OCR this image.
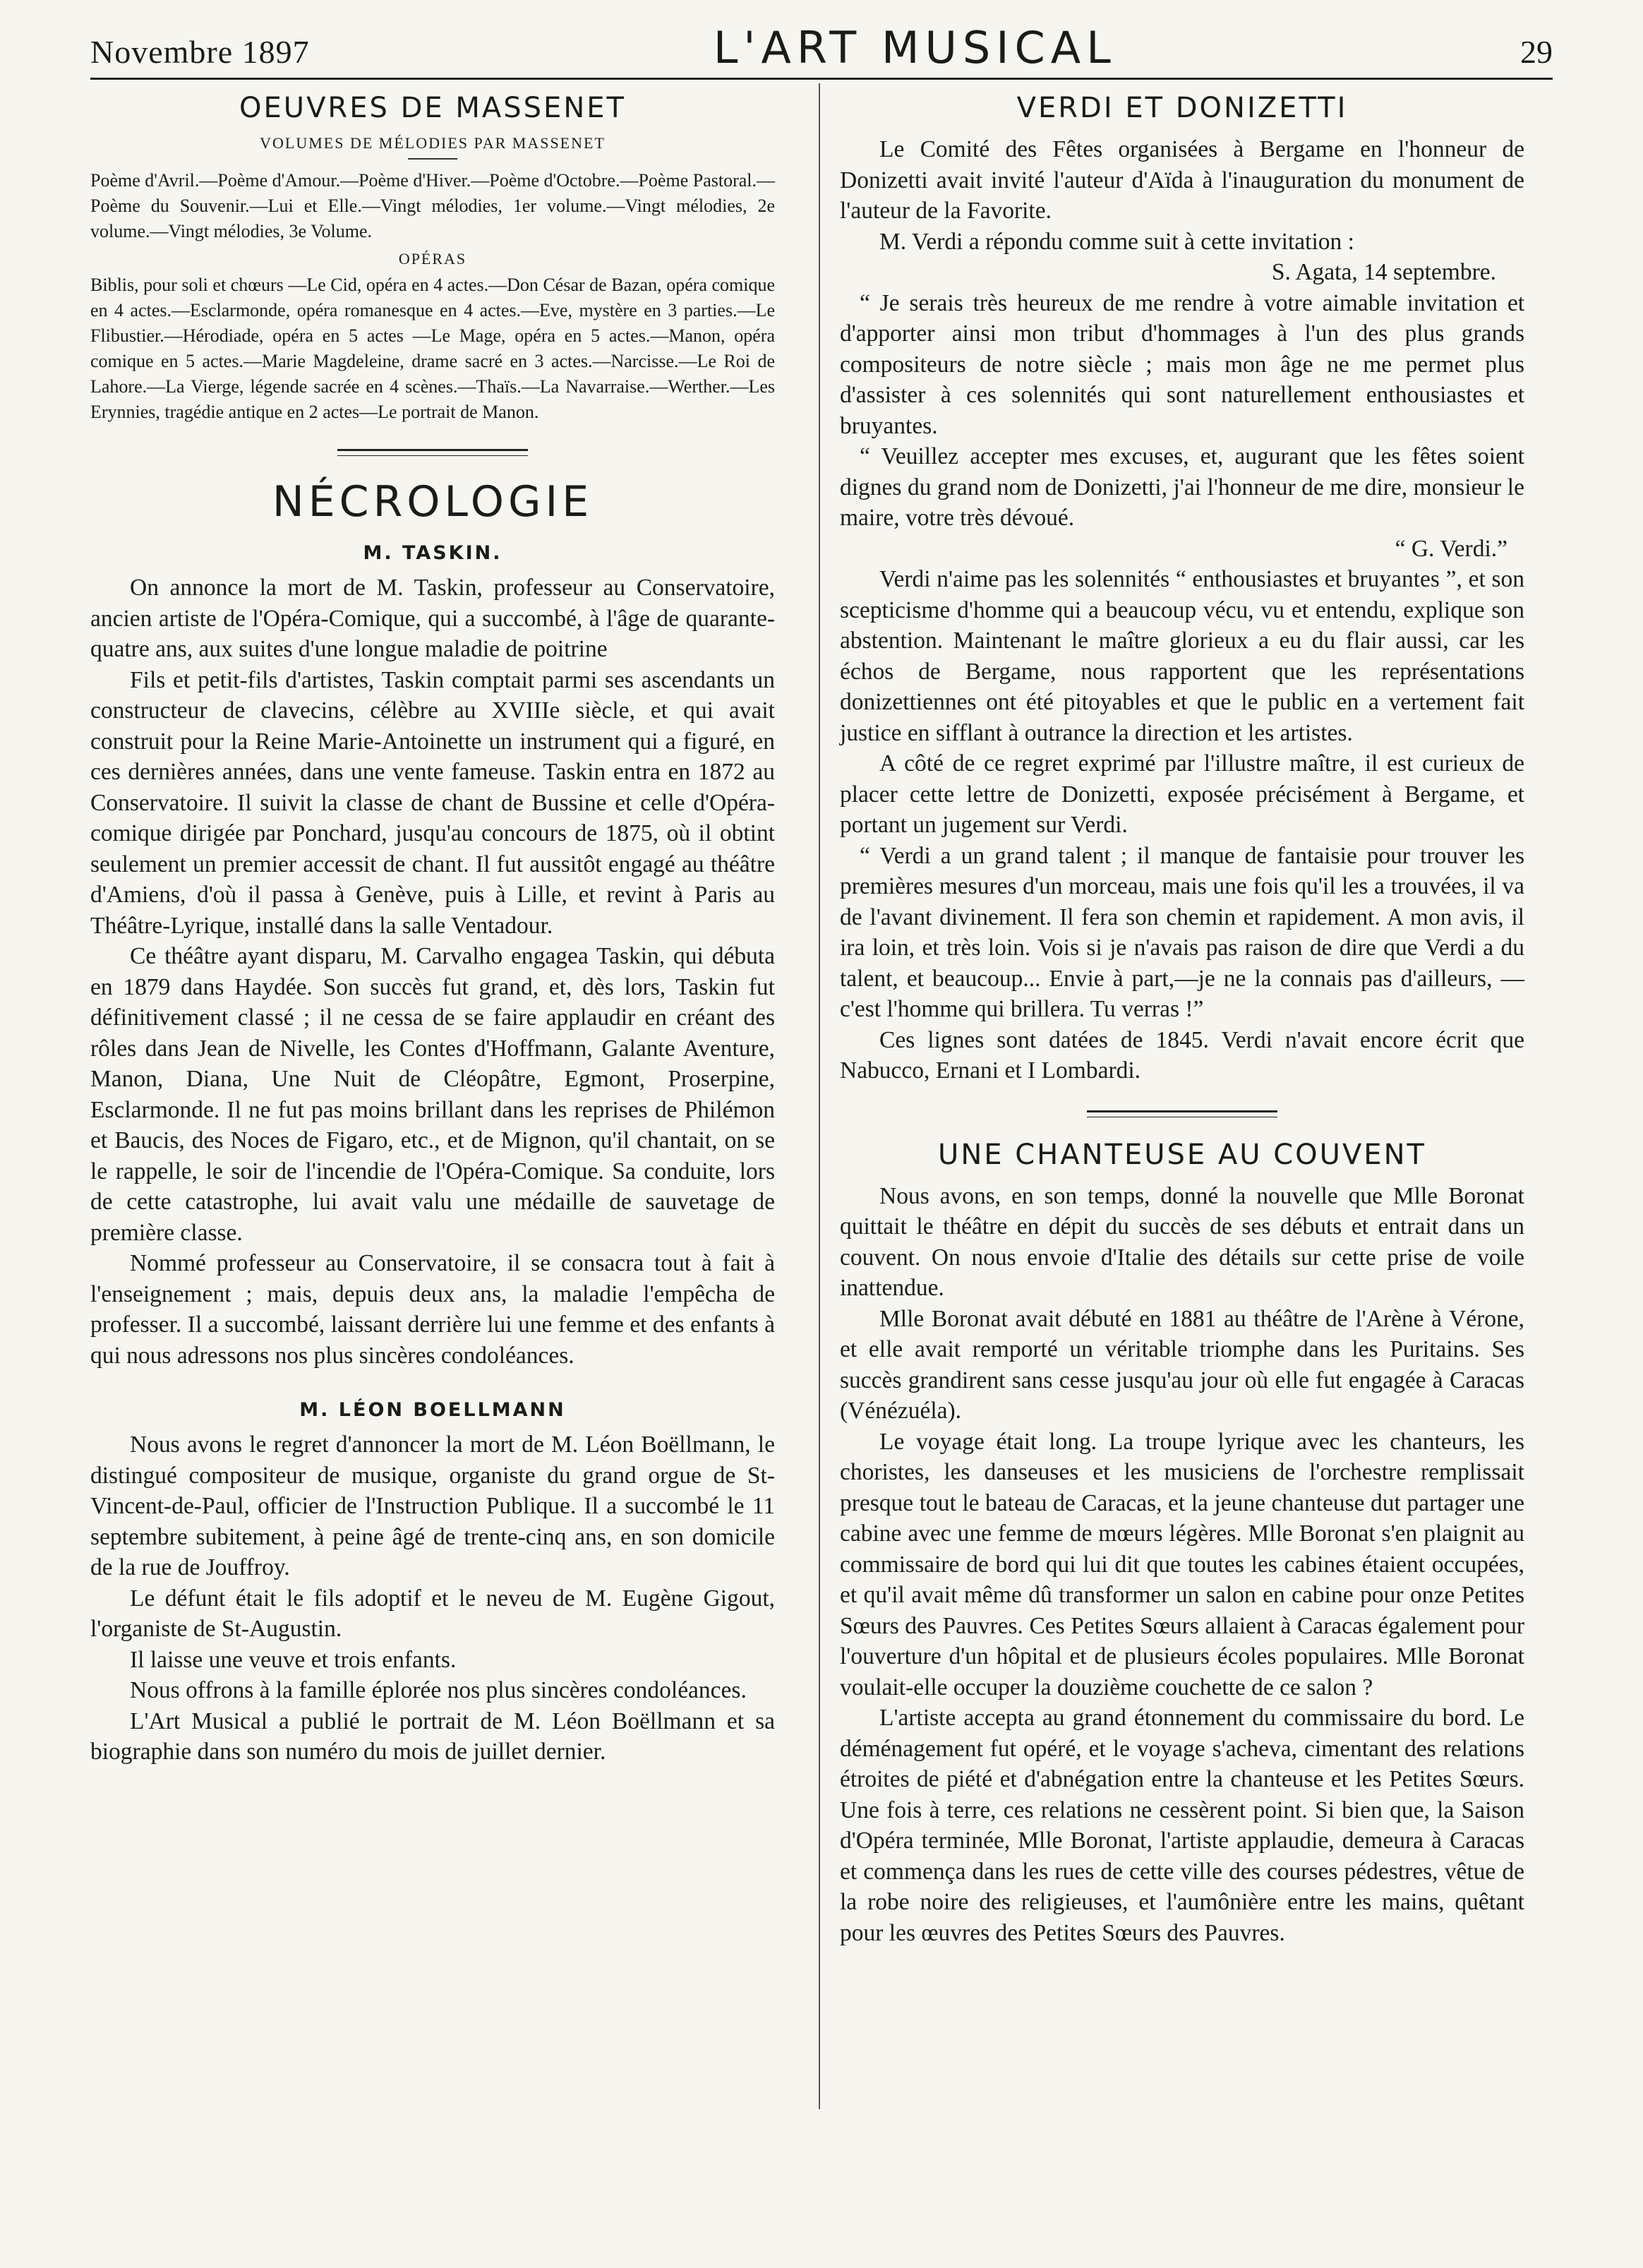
Novembre 1897	L'ART MUSICAL	29
OEUVRES DE MASSENET
VOLUMES DE MÉLODIES PAR MASSENET

Poème d'Avril.—Poème d'Amour.—Poème d'Hiver.—Poème d'Octobre.—Poème Pastoral.—Poème du Souvenir.—Lui et Elle.—Vingt mélodies, 1er volume.—Vingt mélodies, 2e volume.—Vingt mélodies, 3e Volume.

OPÉRAS

Biblis, pour soli et chœurs —Le Cid, opéra en 4 actes.—Don César de Bazan, opéra comique en 4 actes.—Esclarmonde, opéra romanesque en 4 actes.—Eve, mystère en 3 parties.—Le Flibustier.—Hérodiade, opéra en 5 actes —Le Mage, opéra en 5 actes.—Manon, opéra comique en 5 actes.—Marie Magdeleine, drame sacré en 3 actes.—Narcisse.—Le Roi de Lahore.—La Vierge, légende sacrée en 4 scènes.—Thaïs.—La Navarraise.—Werther.—Les Erynnies, tragédie antique en 2 actes—Le portrait de Manon.

NÉCROLOGIE
M. TASKIN.

On annonce la mort de M. Taskin, professeur au Conservatoire, ancien artiste de l'Opéra-Comique, qui a succombé, à l'âge de quarante-quatre ans, aux suites d'une longue maladie de poitrine

Fils et petit-fils d'artistes, Taskin comptait parmi ses ascendants un constructeur de clavecins, célèbre au XVIIIe siècle, et qui avait construit pour la Reine Marie-Antoinette un instrument qui a figuré, en ces dernières années, dans une vente fameuse. Taskin entra en 1872 au Conservatoire. Il suivit la classe de chant de Bussine et celle d'Opéra-comique dirigée par Ponchard, jusqu'au concours de 1875, où il obtint seulement un premier accessit de chant. Il fut aussitôt engagé au théâtre d'Amiens, d'où il passa à Genève, puis à Lille, et revint à Paris au Théâtre-Lyrique, installé dans la salle Ventadour.

Ce théâtre ayant disparu, M. Carvalho engagea Taskin, qui débuta en 1879 dans Haydée. Son succès fut grand, et, dès lors, Taskin fut définitivement classé ; il ne cessa de se faire applaudir en créant des rôles dans Jean de Nivelle, les Contes d'Hoffmann, Galante Aventure, Manon, Diana, Une Nuit de Cléopâtre, Egmont, Proserpine, Esclarmonde. Il ne fut pas moins brillant dans les reprises de Philémon et Baucis, des Noces de Figaro, etc., et de Mignon, qu'il chantait, on se le rappelle, le soir de l'incendie de l'Opéra-Comique. Sa conduite, lors de cette catastrophe, lui avait valu une médaille de sauvetage de première classe.

Nommé professeur au Conservatoire, il se consacra tout à fait à l'enseignement ; mais, depuis deux ans, la maladie l'empêcha de professer. Il a succombé, laissant derrière lui une femme et des enfants à qui nous adressons nos plus sincères condoléances.

M. LÉON BOELLMANN

Nous avons le regret d'annoncer la mort de M. Léon Boëllmann, le distingué compositeur de musique, organiste du grand orgue de St-Vincent-de-Paul, officier de l'Instruction Publique. Il a succombé le 11 septembre subitement, à peine âgé de trente-cinq ans, en son domicile de la rue de Jouffroy.

Le défunt était le fils adoptif et le neveu de M. Eugène Gigout, l'organiste de St-Augustin.

Il laisse une veuve et trois enfants.

Nous offrons à la famille éplorée nos plus sincères condoléances.

L'Art Musical a publié le portrait de M. Léon Boëllmann et sa biographie dans son numéro du mois de juillet dernier.

VERDI ET DONIZETTI

Le Comité des Fêtes organisées à Bergame en l'honneur de Donizetti avait invité l'auteur d'Aïda à l'inauguration du monument de l'auteur de la Favorite.

M. Verdi a répondu comme suit à cette invitation :

S. Agata, 14 septembre.

“ Je serais très heureux de me rendre à votre aimable invitation et d'apporter ainsi mon tribut d'hommages à l'un des plus grands compositeurs de notre siècle ; mais mon âge ne me permet plus d'assister à ces solennités qui sont naturellement enthousiastes et bruyantes.

“ Veuillez accepter mes excuses, et, augurant que les fêtes soient dignes du grand nom de Donizetti, j'ai l'honneur de me dire, monsieur le maire, votre très dévoué.

“ G. Verdi.”

Verdi n'aime pas les solennités “ enthousiastes et bruyantes ”, et son scepticisme d'homme qui a beaucoup vécu, vu et entendu, explique son abstention. Maintenant le maître glorieux a eu du flair aussi, car les échos de Bergame, nous rapportent que les représentations donizettiennes ont été pitoyables et que le public en a vertement fait justice en sifflant à outrance la direction et les artistes.

A côté de ce regret exprimé par l'illustre maître, il est curieux de placer cette lettre de Donizetti, exposée précisément à Bergame, et portant un jugement sur Verdi.

“ Verdi a un grand talent ; il manque de fantaisie pour trouver les premières mesures d'un morceau, mais une fois qu'il les a trouvées, il va de l'avant divinement. Il fera son chemin et rapidement. A mon avis, il ira loin, et très loin. Vois si je n'avais pas raison de dire que Verdi a du talent, et beaucoup... Envie à part,—je ne la connais pas d'ailleurs, —c'est l'homme qui brillera. Tu verras !”

Ces lignes sont datées de 1845. Verdi n'avait encore écrit que Nabucco, Ernani et I Lombardi.

UNE CHANTEUSE AU COUVENT

Nous avons, en son temps, donné la nouvelle que Mlle Boronat quittait le théâtre en dépit du succès de ses débuts et entrait dans un couvent. On nous envoie d'Italie des détails sur cette prise de voile inattendue.

Mlle Boronat avait débuté en 1881 au théâtre de l'Arène à Vérone, et elle avait remporté un véritable triomphe dans les Puritains. Ses succès grandirent sans cesse jusqu'au jour où elle fut engagée à Caracas (Vénézuéla).

Le voyage était long. La troupe lyrique avec les chanteurs, les choristes, les danseuses et les musiciens de l'orchestre remplissait presque tout le bateau de Caracas, et la jeune chanteuse dut partager une cabine avec une femme de mœurs légères. Mlle Boronat s'en plaignit au commissaire de bord qui lui dit que toutes les cabines étaient occupées, et qu'il avait même dû transformer un salon en cabine pour onze Petites Sœurs des Pauvres. Ces Petites Sœurs allaient à Caracas également pour l'ouverture d'un hôpital et de plusieurs écoles populaires. Mlle Boronat voulait-elle occuper la douzième couchette de ce salon ?

L'artiste accepta au grand étonnement du commissaire du bord. Le déménagement fut opéré, et le voyage s'acheva, cimentant des relations étroites de piété et d'abnégation entre la chanteuse et les Petites Sœurs. Une fois à terre, ces relations ne cessèrent point. Si bien que, la Saison d'Opéra terminée, Mlle Boronat, l'artiste applaudie, demeura à Caracas et commença dans les rues de cette ville des courses pédestres, vêtue de la robe noire des religieuses, et l'aumônière entre les mains, quêtant pour les œuvres des Petites Sœurs des Pauvres.
